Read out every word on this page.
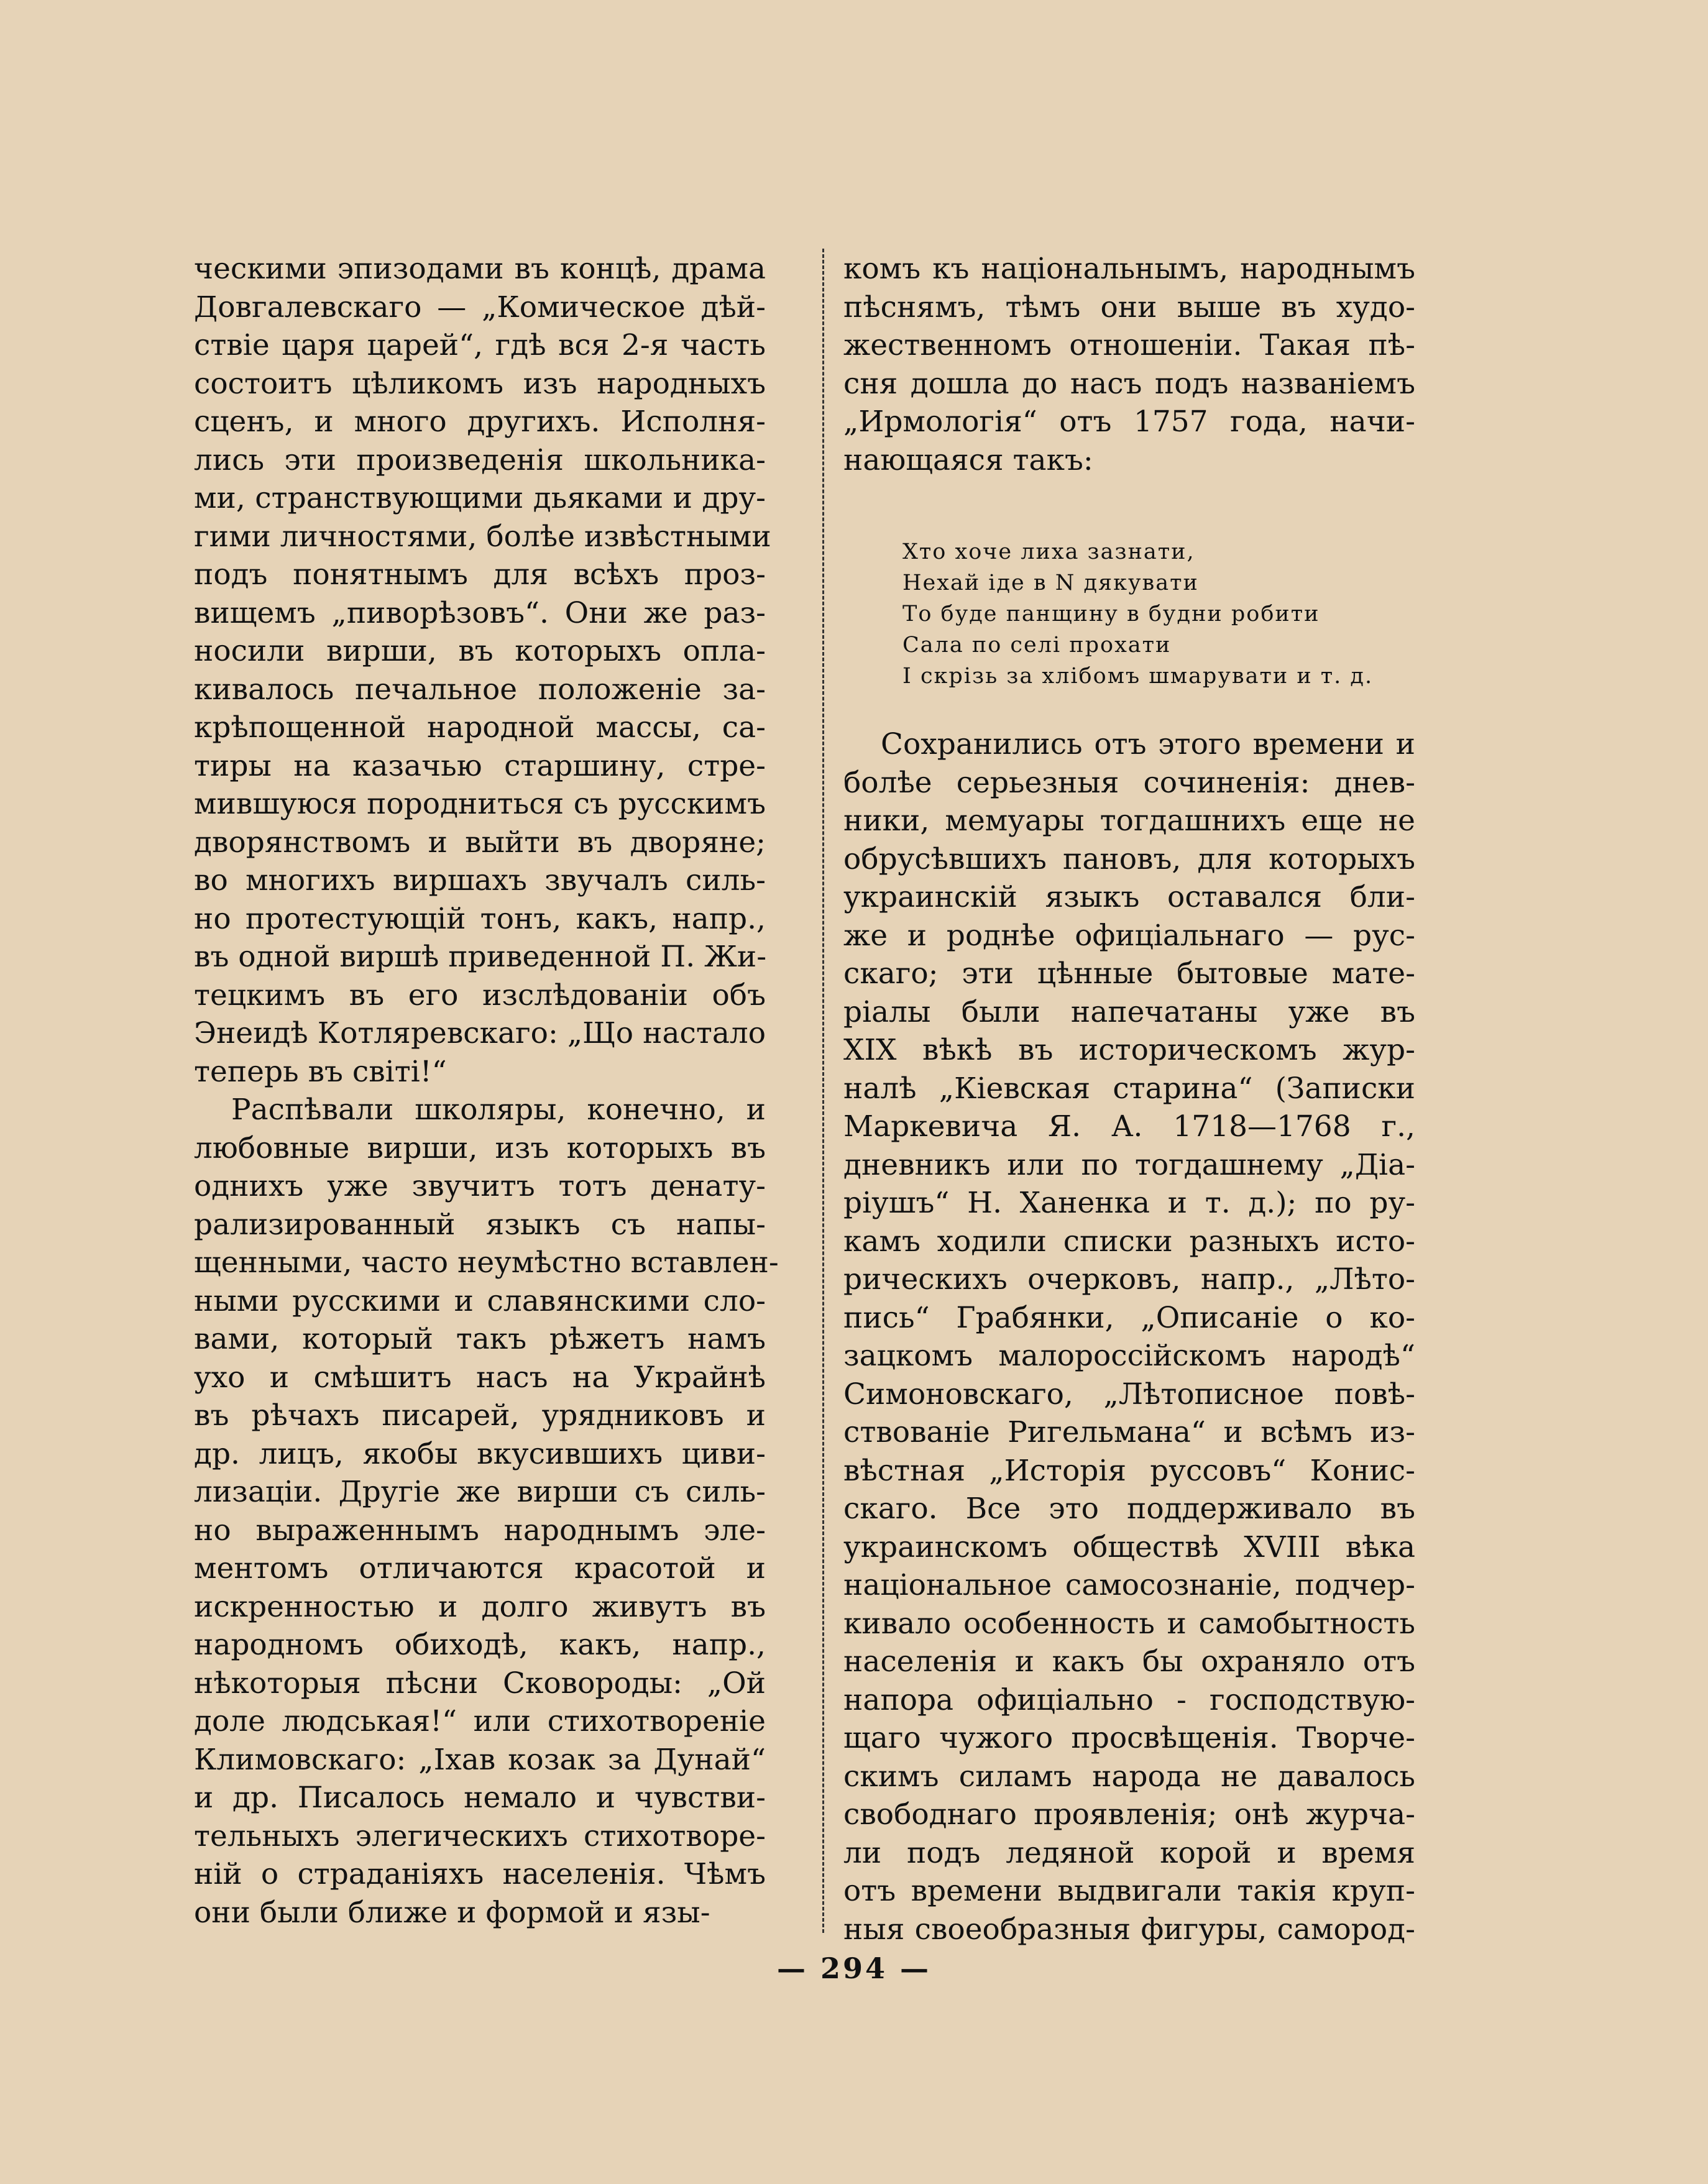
ческими эпизодами въ концѣ, драма
Довгалевскаго — „Комическое дѣй-
ствіе царя царей“, гдѣ вся 2-я часть
состоитъ цѣликомъ изъ народныхъ
сценъ, и много другихъ. Исполня-
лись эти произведенія школьника-
ми, странствующими дьяками и дру-
гими личностями, болѣе извѣстными
подъ понятнымъ для всѣхъ проз-
вищемъ „пиворѣзовъ“. Они же раз-
носили вирши, въ которыхъ опла-
кивалось печальное положеніе за-
крѣпощенной народной массы, са-
тиры на казачью старшину, стре-
мившуюся породниться съ русскимъ
дворянствомъ и выйти въ дворяне;
во многихъ виршахъ звучалъ силь-
но протестующій тонъ, какъ, напр.,
въ одной виршѣ приведенной П. Жи-
тецкимъ въ его изслѣдованіи объ
Энеидѣ Котляревскаго: „Що настало
теперь въ світі!“
Распѣвали школяры, конечно, и
любовные вирши, изъ которыхъ въ
однихъ уже звучитъ тотъ денату-
рализированный языкъ съ напы-
щенными, часто неумѣстно вставлен-
ными русскими и славянскими сло-
вами, который такъ рѣжетъ намъ
ухо и смѣшитъ насъ на Украйнѣ
въ рѣчахъ писарей, урядниковъ и
др. лицъ, якобы вкусившихъ циви-
лизаціи. Другіе же вирши съ силь-
но выраженнымъ народнымъ эле-
ментомъ отличаются красотой и
искренностью и долго живутъ въ
народномъ обиходѣ, какъ, напр.,
нѣкоторыя пѣсни Сковороды: „Ой
доле людськая!“ или стихотвореніе
Климовскаго: „Іхав козак за Дунай“
и др. Писалось немало и чувстви-
тельныхъ элегическихъ стихотворе-
ній о страданіяхъ населенія. Чѣмъ
они были ближе и формой и язы-
комъ къ національнымъ, народнымъ
пѣснямъ, тѣмъ они выше въ худо-
жественномъ отношеніи. Такая пѣ-
сня дошла до насъ подъ названіемъ
„Ирмологія“ отъ 1757 года, начи-
нающаяся такъ:
Хто хоче лиха зазнати,
Нехай іде в N дякувати
То буде панщину в будни робити
Сала по селі прохати
І скрізь за хлібомъ шмарувати и т. д.
Сохранились отъ этого времени и
болѣе серьезныя сочиненія: днев-
ники, мемуары тогдашнихъ еще не
обрусѣвшихъ пановъ, для которыхъ
украинскій языкъ оставался бли-
же и роднѣе офиціальнаго — рус-
скаго; эти цѣнные бытовые мате-
ріалы были напечатаны уже въ
XIX вѣкѣ въ историческомъ жур-
налѣ „Кіевская старина“ (Записки
Маркевича Я. А. 1718—1768 г.,
дневникъ или по тогдашнему „Діа-
ріушъ“ Н. Ханенка и т. д.); по ру-
камъ ходили списки разныхъ исто-
рическихъ очерковъ, напр., „Лѣто-
пись“ Грабянки, „Описаніе о ко-
зацкомъ малороссійскомъ народѣ“
Симоновскаго, „Лѣтописное повѣ-
ствованіе Ригельмана“ и всѣмъ из-
вѣстная „Исторія руссовъ“ Конис-
скаго. Все это поддерживало въ
украинскомъ обществѣ XVIII вѣка
національное самосознаніе, подчер-
кивало особенность и самобытность
населенія и какъ бы охраняло отъ
напора офиціально - господствую-
щаго чужого просвѣщенія. Творче-
скимъ силамъ народа не давалось
свободнаго проявленія; онѣ журча-
ли подъ ледяной корой и время
отъ времени выдвигали такія круп-
ныя своеобразныя фигуры, самород-
— 294 —
